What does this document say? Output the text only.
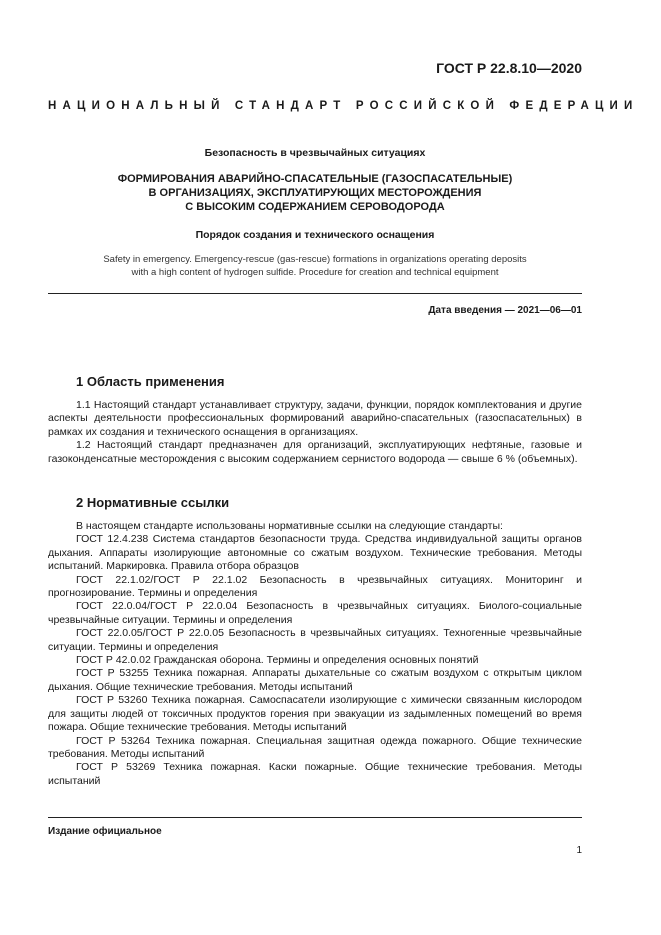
ГОСТ Р 22.8.10—2020
НАЦИОНАЛЬНЫЙ СТАНДАРТ РОССИЙСКОЙ ФЕДЕРАЦИИ
Безопасность в чрезвычайных ситуациях
ФОРМИРОВАНИЯ АВАРИЙНО-СПАСАТЕЛЬНЫЕ (ГАЗОСПАСАТЕЛЬНЫЕ)
В ОРГАНИЗАЦИЯХ, ЭКСПЛУАТИРУЮЩИХ МЕСТОРОЖДЕНИЯ
С ВЫСОКИМ СОДЕРЖАНИЕМ СЕРОВОДОРОДА
Порядок создания и технического оснащения
Safety in emergency. Emergency-rescue (gas-rescue) formations in organizations operating deposits
with a high content of hydrogen sulfide. Procedure for creation and technical equipment
Дата введения — 2021—06—01
1 Область применения

1.1 Настоящий стандарт устанавливает структуру, задачи, функции, порядок комплектования и другие аспекты деятельности профессиональных формирований аварийно-спасательных (газоспасательных) в рамках их создания и технического оснащения в организациях.

1.2 Настоящий стандарт предназначен для организаций, эксплуатирующих нефтяные, газовые и газоконденсатные месторождения с высоким содержанием сернистого водорода — свыше 6 % (объемных).

2 Нормативные ссылки

В настоящем стандарте использованы нормативные ссылки на следующие стандарты:

ГОСТ 12.4.238 Система стандартов безопасности труда. Средства индивидуальной защиты органов дыхания. Аппараты изолирующие автономные со сжатым воздухом. Технические требования. Методы испытаний. Маркировка. Правила отбора образцов

ГОСТ 22.1.02/ГОСТ Р 22.1.02 Безопасность в чрезвычайных ситуациях. Мониторинг и прогнозирование. Термины и определения

ГОСТ 22.0.04/ГОСТ Р 22.0.04 Безопасность в чрезвычайных ситуациях. Биолого-социальные чрезвычайные ситуации. Термины и определения

ГОСТ 22.0.05/ГОСТ Р 22.0.05 Безопасность в чрезвычайных ситуациях. Техногенные чрезвычайные ситуации. Термины и определения

ГОСТ Р 42.0.02 Гражданская оборона. Термины и определения основных понятий

ГОСТ Р 53255 Техника пожарная. Аппараты дыхательные со сжатым воздухом с открытым циклом дыхания. Общие технические требования. Методы испытаний

ГОСТ Р 53260 Техника пожарная. Самоспасатели изолирующие с химически связанным кислородом для защиты людей от токсичных продуктов горения при эвакуации из задымленных помещений во время пожара. Общие технические требования. Методы испытаний

ГОСТ Р 53264 Техника пожарная. Специальная защитная одежда пожарного. Общие технические требования. Методы испытаний

ГОСТ Р 53269 Техника пожарная. Каски пожарные. Общие технические требования. Методы испытаний

Издание официальное
1
